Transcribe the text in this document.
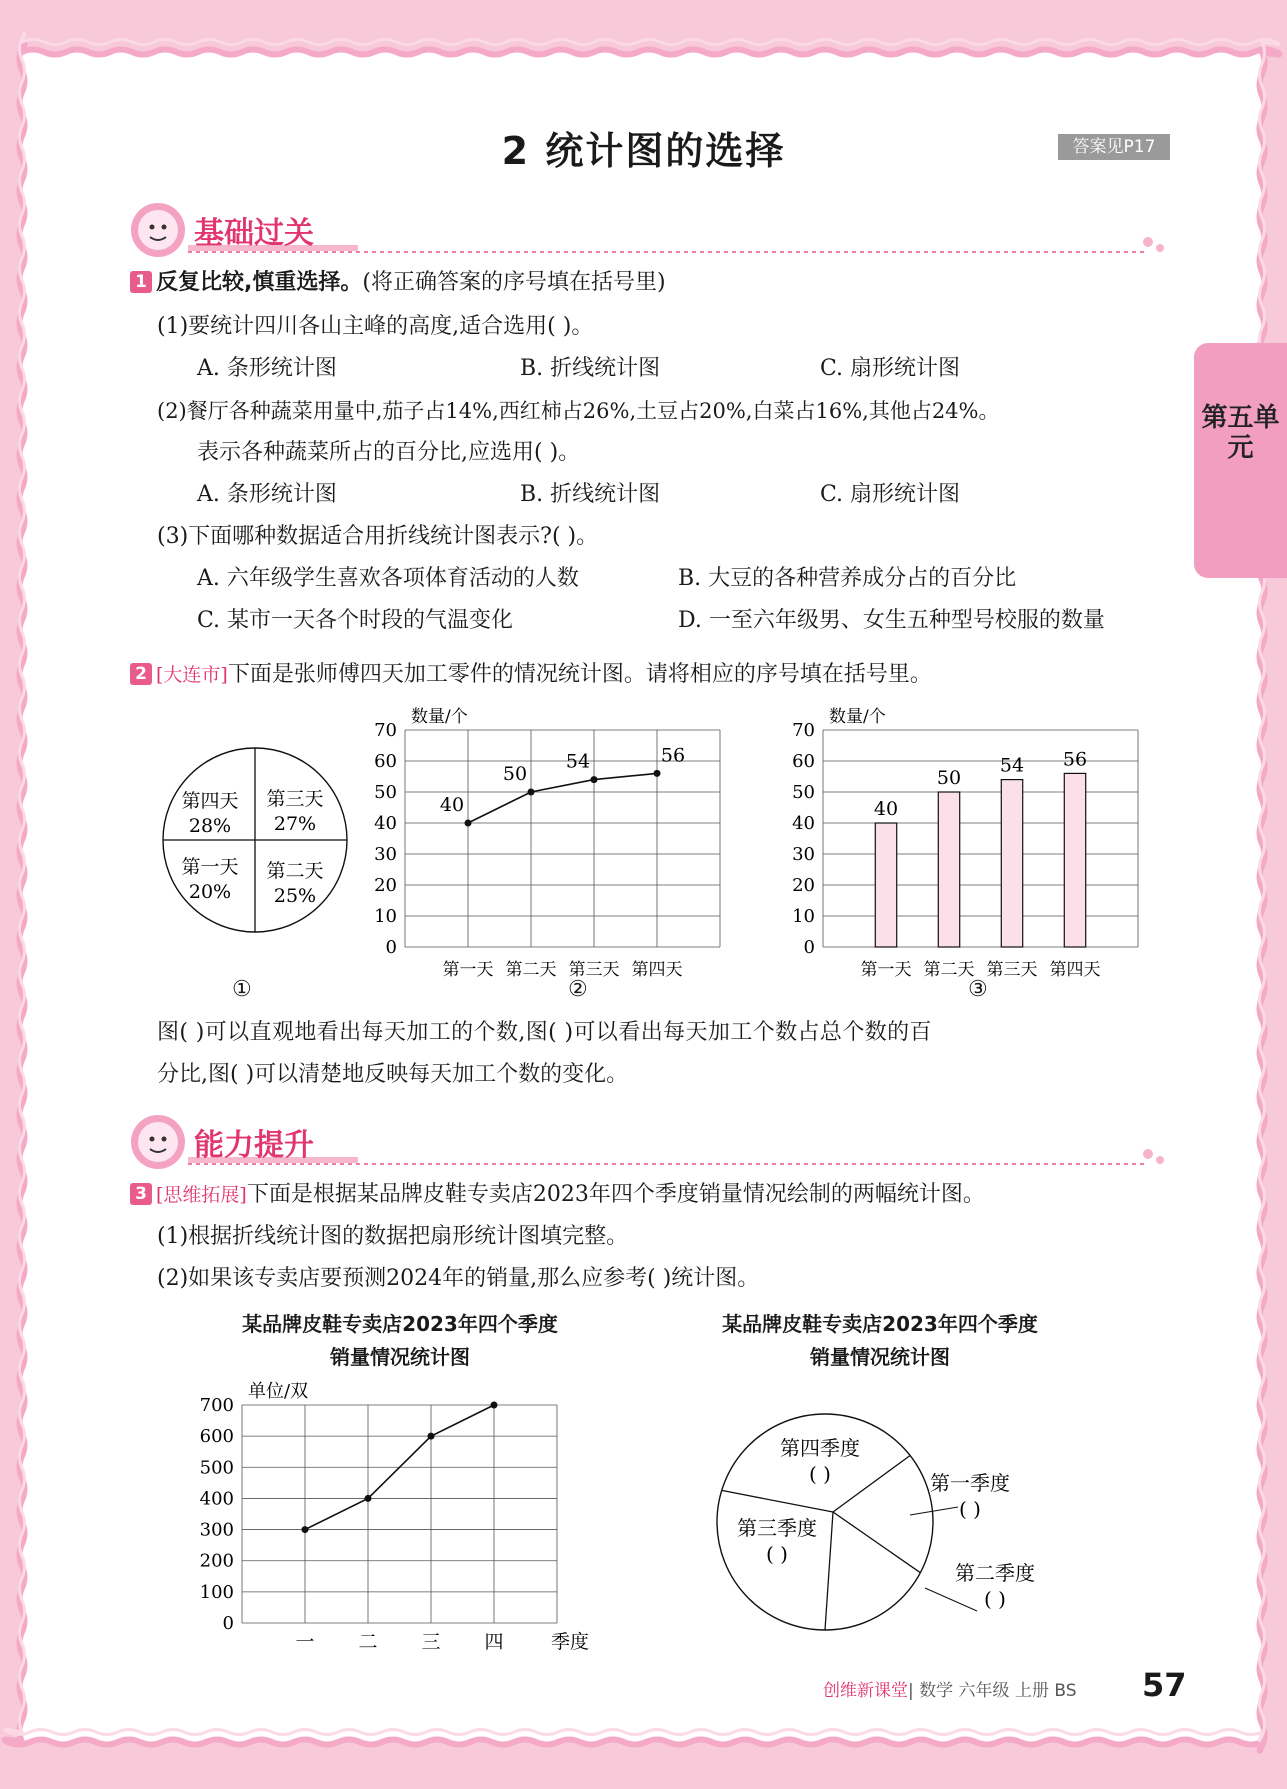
2 统计图的选择	答案见P17
第五单元
基础过关
1 反复比较,慎重选择。(将正确答案的序号填在括号里)
(1)要统计四川各山主峰的高度,适合选用( )。
A. 条形统计图	B. 折线统计图	C. 扇形统计图
(2)餐厅各种蔬菜用量中,茄子占14%,西红柿占26%,土豆占20%,白菜占16%,其他占24%。
表示各种蔬菜所占的百分比,应选用( )。
A. 条形统计图	B. 折线统计图	C. 扇形统计图
(3)下面哪种数据适合用折线统计图表示?( )。
A. 六年级学生喜欢各项体育活动的人数	B. 大豆的各种营养成分占的百分比
C. 某市一天各个时段的气温变化	D. 一至六年级男、女生五种型号校服的数量
2 [大连市]下面是张师傅四天加工零件的情况统计图。请将相应的序号填在括号里。
第四天
28%
第三天
27%
第二天
25%
第一天
20%
0
10
20
30
40
50
60
70
数量/个
第一天 第二天 第三天 第四天
40
50
54	56
0
10
20
30
40
50
60
70
数量/个
第一天 第二天 第三天 第四天
40
50
54 56
①	②	③
图( )可以直观地看出每天加工的个数,图( )可以看出每天加工个数占总个数的百
分比,图( )可以清楚地反映每天加工个数的变化。
能力提升
3 [思维拓展]下面是根据某品牌皮鞋专卖店2023年四个季度销量情况绘制的两幅统计图。
(1)根据折线统计图的数据把扇形统计图填完整。
(2)如果该专卖店要预测2024年的销量,那么应参考( )统计图。
某品牌皮鞋专卖店2023年四个季度
销量情况统计图
某品牌皮鞋专卖店2023年四个季度
销量情况统计图
0
100
200
300
400
500
600
700
单位/双
一 二 三 四 季度
第四季度
( )	第一季度
( )
第二季度
( )
第三季度
( )
创维新课堂| 数学 六年级 上册 BS 57
